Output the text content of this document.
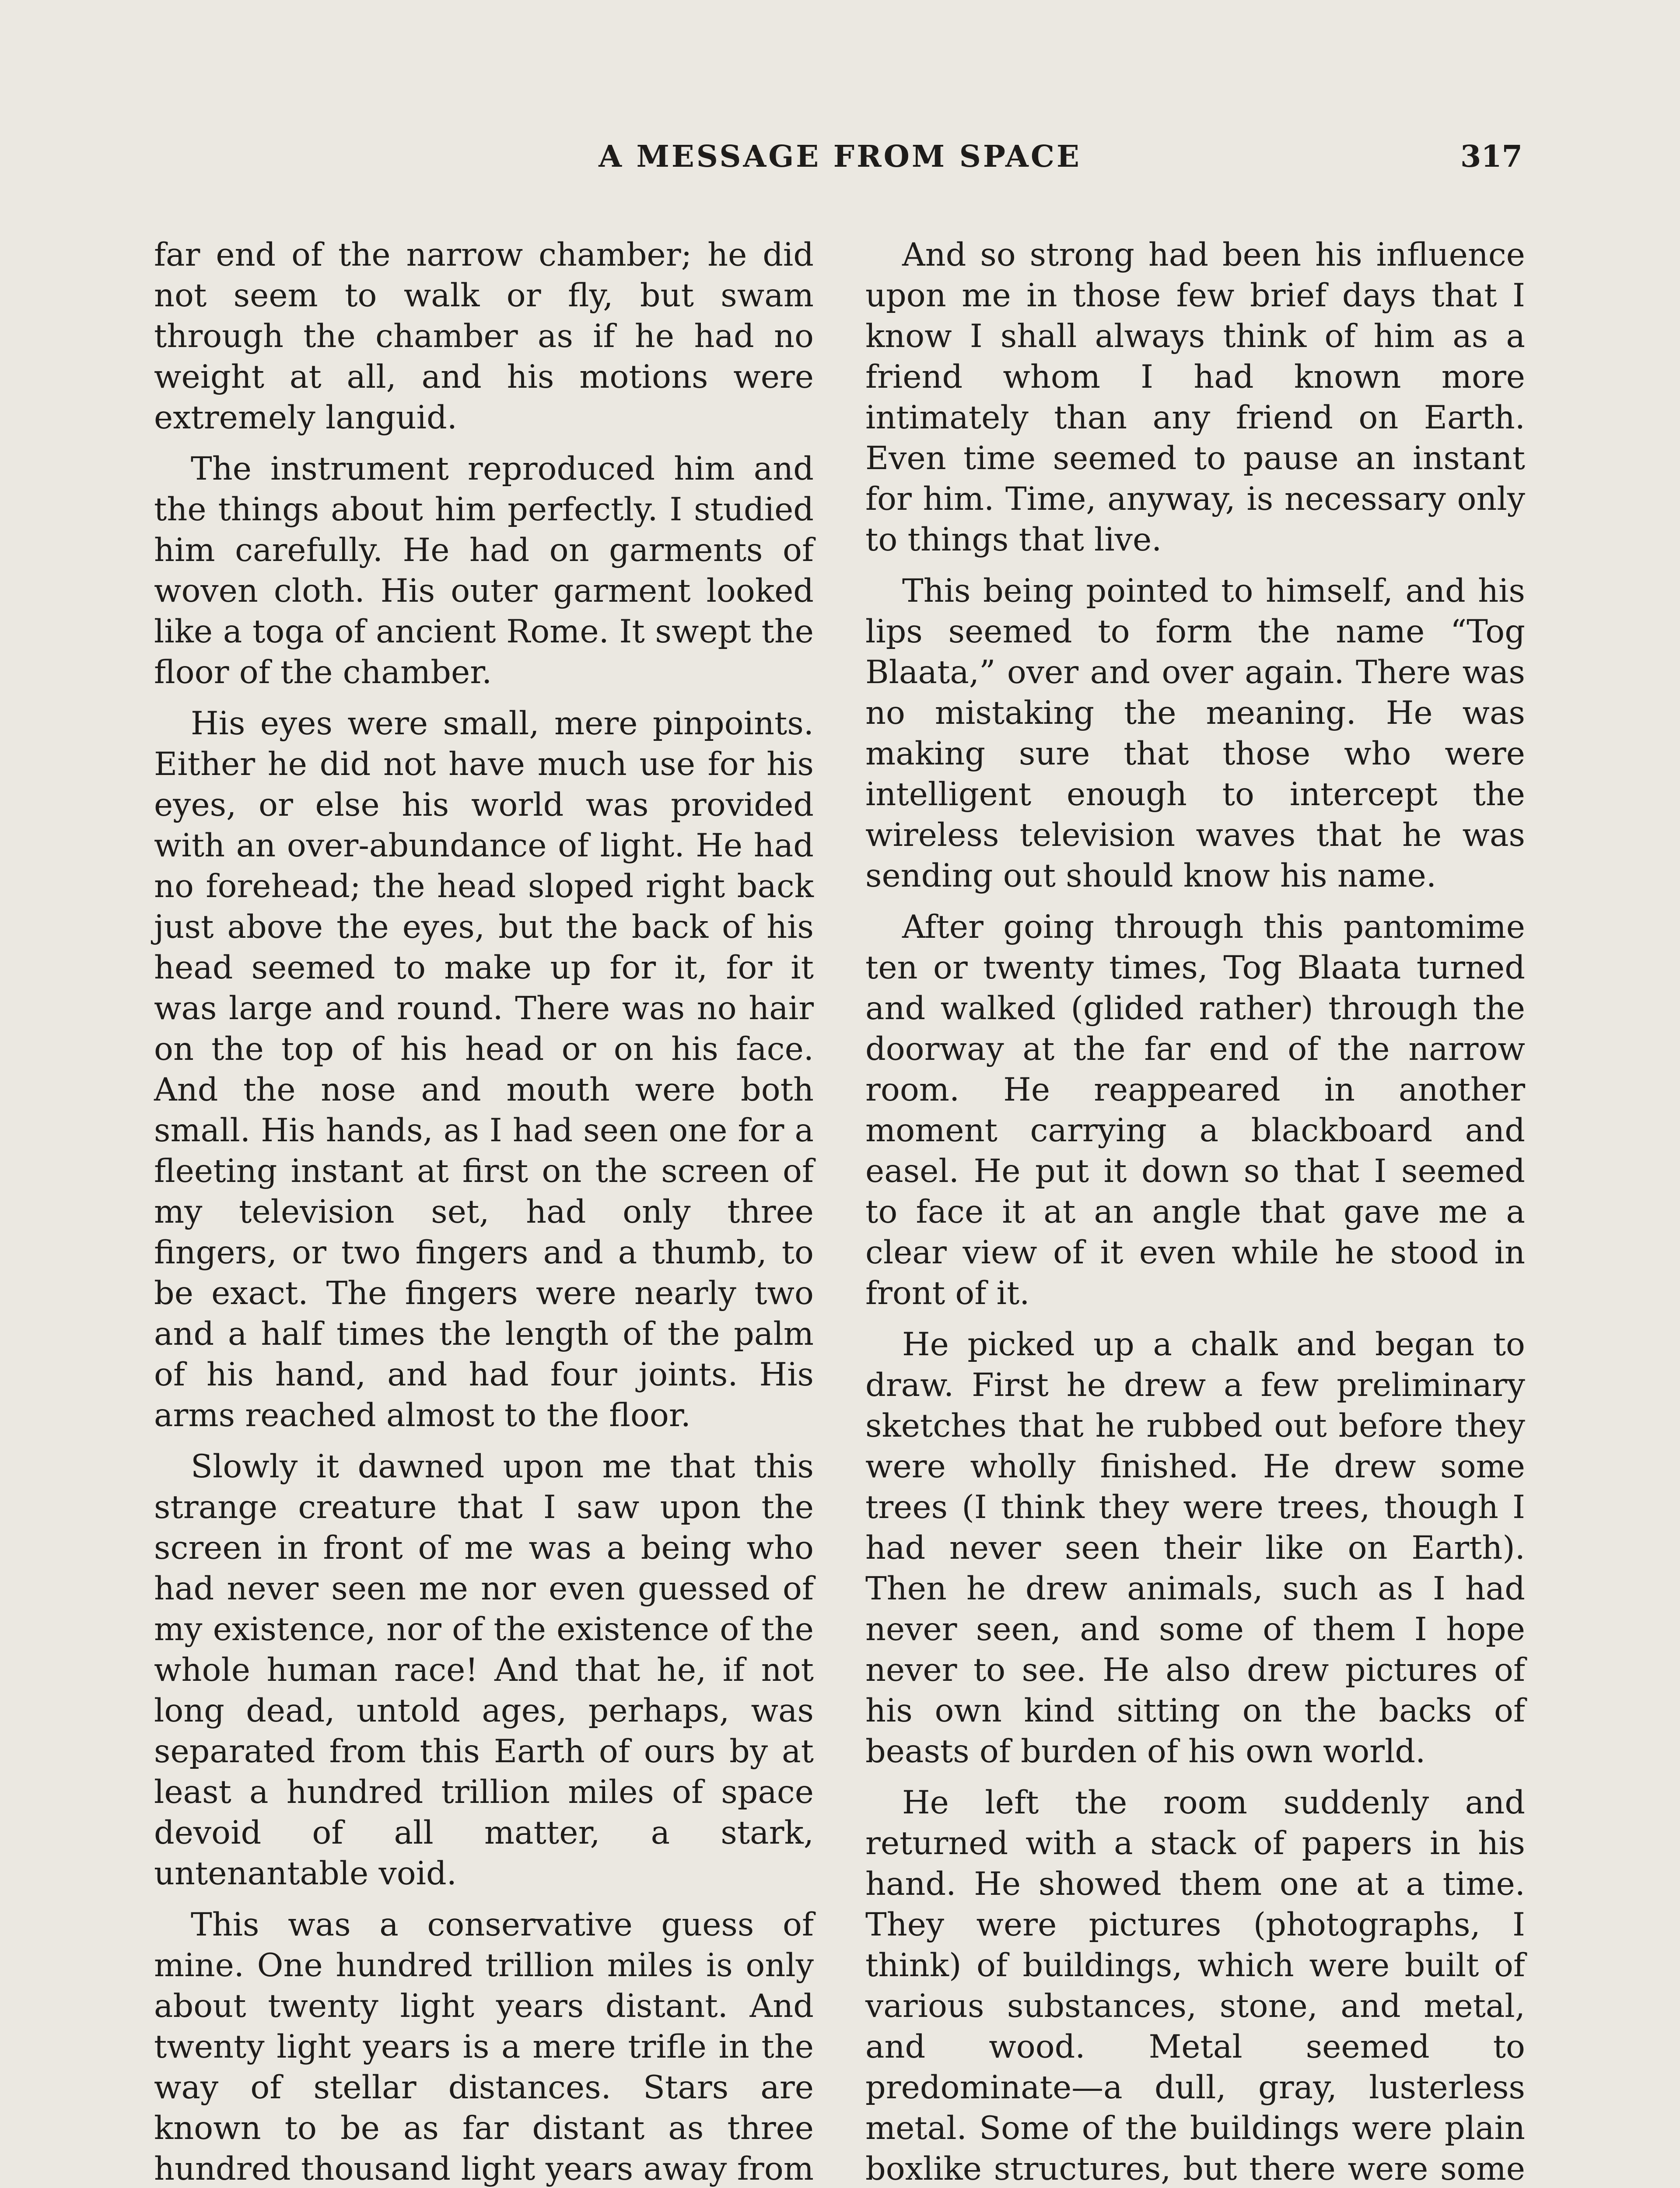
A MESSAGE FROM SPACE	317

far end of the narrow chamber; he did not seem to walk or fly, but swam through the chamber as if he had no weight at all, and his motions were extremely languid.

The instrument reproduced him and the things about him perfectly. I studied him carefully. He had on garments of woven cloth. His outer garment looked like a toga of ancient Rome. It swept the floor of the chamber.

His eyes were small, mere pinpoints. Either he did not have much use for his eyes, or else his world was provided with an over-abundance of light. He had no forehead; the head sloped right back just above the eyes, but the back of his head seemed to make up for it, for it was large and round. There was no hair on the top of his head or on his face. And the nose and mouth were both small. His hands, as I had seen one for a fleeting instant at first on the screen of my television set, had only three fingers, or two fingers and a thumb, to be exact. The fingers were nearly two and a half times the length of the palm of his hand, and had four joints. His arms reached almost to the floor.

Slowly it dawned upon me that this strange creature that I saw upon the screen in front of me was a being who had never seen me nor even guessed of my existence, nor of the existence of the whole human race! And that he, if not long dead, untold ages, perhaps, was separated from this Earth of ours by at least a hundred trillion miles of space devoid of all matter, a stark, untenantable void.

This was a conservative guess of mine. One hundred trillion miles is only about twenty light years distant. And twenty light years is a mere trifle in the way of stellar distances. Stars are known to be as far distant as three hundred thousand light years away from

And so strong had been his influence upon me in those few brief days that I know I shall always think of him as a friend whom I had known more intimately than any friend on Earth. Even time seemed to pause an instant for him. Time, anyway, is necessary only to things that live.

This being pointed to himself, and his lips seemed to form the name “Tog Blaata,” over and over again. There was no mistaking the meaning. He was making sure that those who were intelligent enough to intercept the wireless television waves that he was sending out should know his name.

After going through this pantomime ten or twenty times, Tog Blaata turned and walked (glided rather) through the doorway at the far end of the narrow room. He reappeared in another moment carrying a blackboard and easel. He put it down so that I seemed to face it at an angle that gave me a clear view of it even while he stood in front of it.

He picked up a chalk and began to draw. First he drew a few preliminary sketches that he rubbed out before they were wholly finished. He drew some trees (I think they were trees, though I had never seen their like on Earth). Then he drew animals, such as I had never seen, and some of them I hope never to see. He also drew pictures of his own kind sitting on the backs of beasts of burden of his own world.

He left the room suddenly and returned with a stack of papers in his hand. He showed them one at a time. They were pictures (photographs, I think) of buildings, which were built of various substances, stone, and metal, and wood. Metal seemed to predominate—a dull, gray, lusterless metal. Some of the buildings were plain boxlike structures, but there were some
